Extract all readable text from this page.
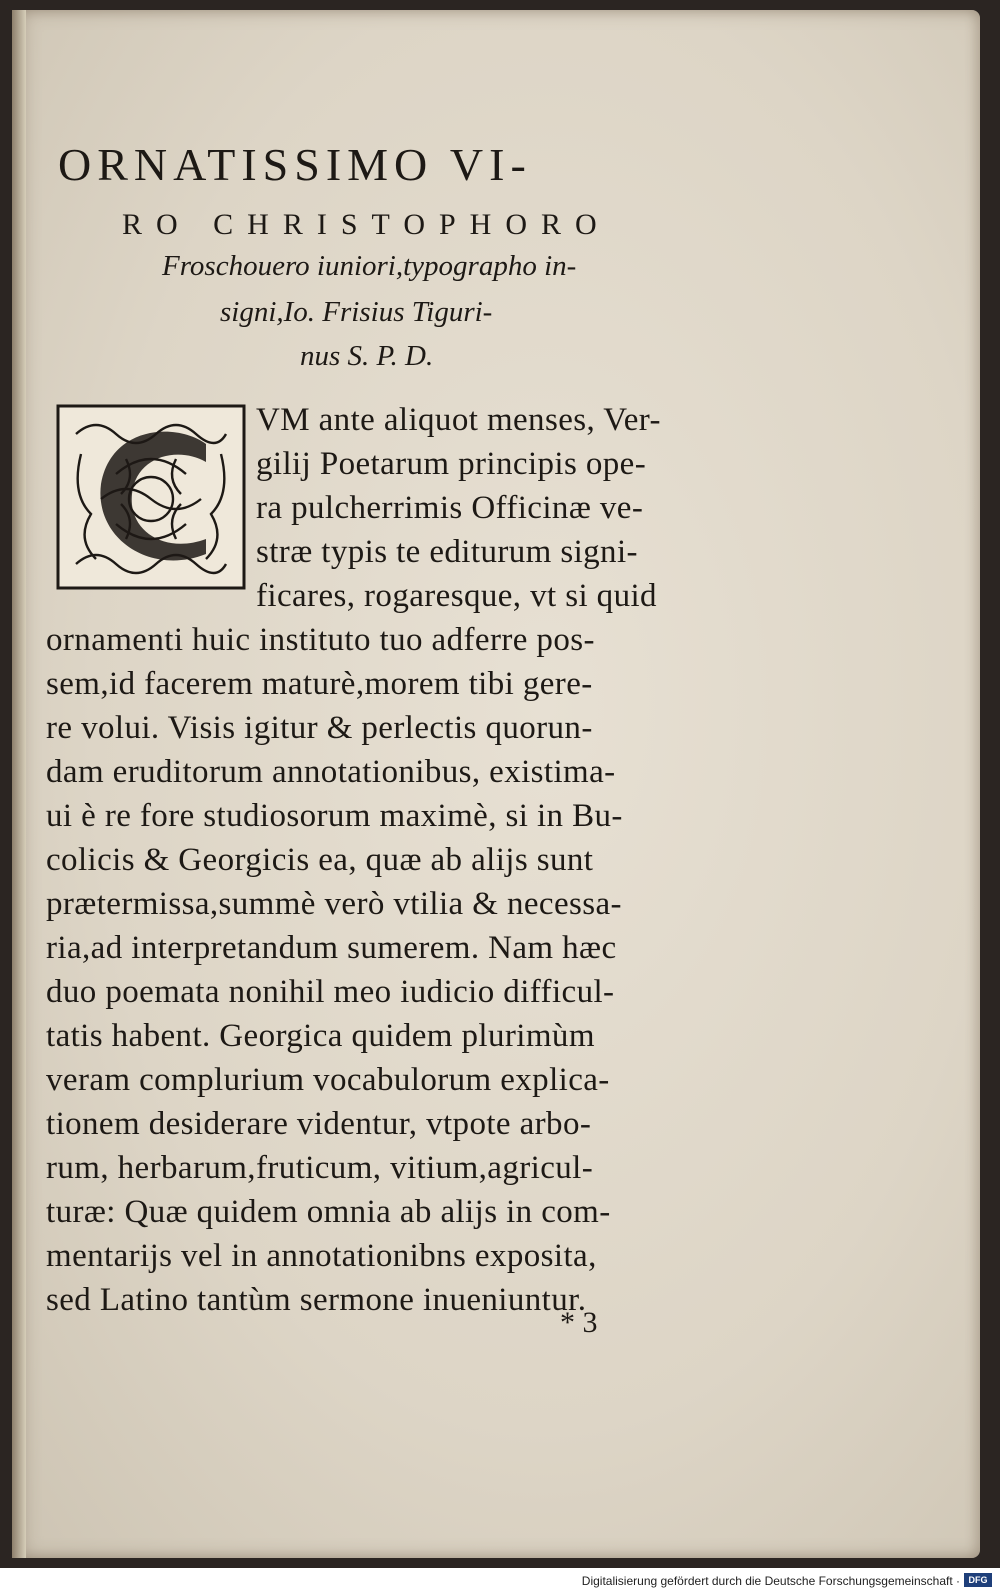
ORNATISSIMO VI-
RO CHRISTOPHORO
Froschouero iuniori,typographo in-
signi,Io. Frisius Tiguri-
nus S. P. D.
VM ante aliquot menses, Ver-
gilij Poetarum principis ope-
ra pulcherrimis Officinæ ve-
stræ typis te editurum signi-
ficares, rogaresque, vt si quid
ornamenti huic instituto tuo adferre pos-
sem,id facerem maturè,morem tibi gere-
re volui. Visis igitur & perlectis quorun-
dam eruditorum annotationibus, existima-
ui è re fore studiosorum maximè, si in Bu-
colicis & Georgicis ea, quæ ab alijs sunt
prætermissa,summè verò vtilia & necessa-
ria,ad interpretandum sumerem. Nam hæc
duo poemata nonihil meo iudicio difficul-
tatis habent. Georgica quidem plurimùm
veram complurium vocabulorum explica-
tionem desiderare videntur, vtpote arbo-
rum, herbarum,fruticum, vitium,agricul-
turæ: Quæ quidem omnia ab alijs in com-
mentarijs vel in annotationibns exposita,
sed Latino tantùm sermone inueniuntur.
* 3
Digitalisierung gefördert durch die Deutsche Forschungsgemeinschaft · DFG
